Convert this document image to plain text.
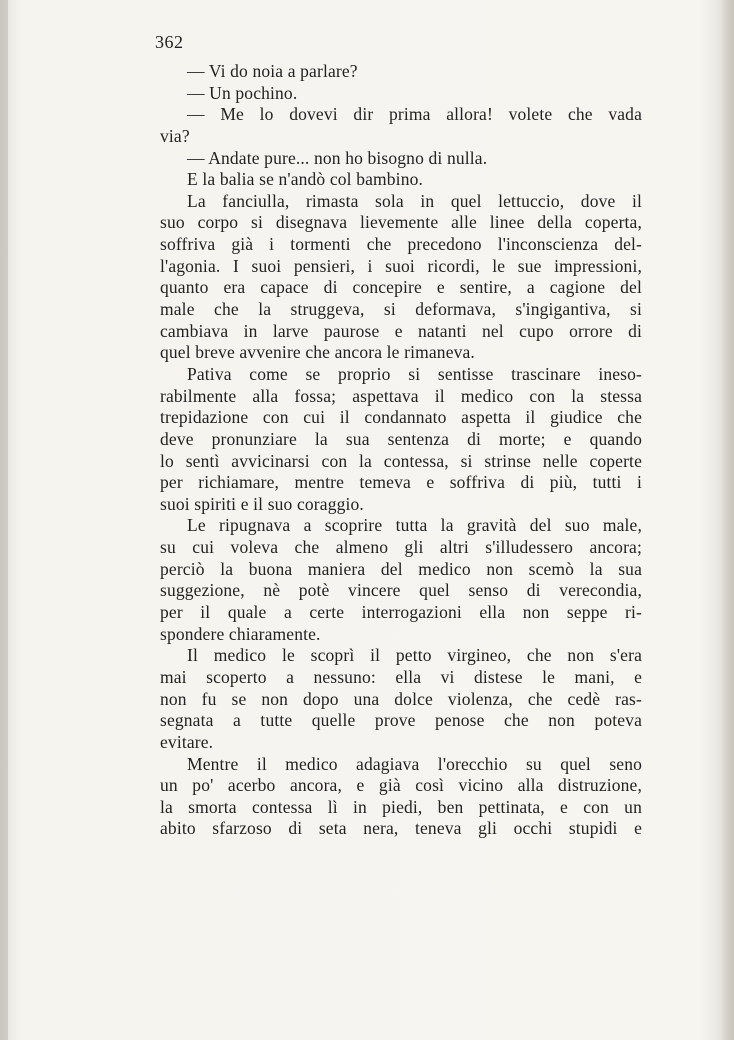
362
— Vi do noia a parlare?
— Un pochino.
— Me lo dovevi dir prima allora! volete che vada
via?
— Andate pure... non ho bisogno di nulla.
E la balia se n'andò col bambino.
La fanciulla, rimasta sola in quel lettuccio, dove il
suo corpo si disegnava lievemente alle linee della coperta,
soffriva già i tormenti che precedono l'inconscienza del-
l'agonia. I suoi pensieri, i suoi ricordi, le sue impressioni,
quanto era capace di concepire e sentire, a cagione del
male che la struggeva, si deformava, s'ingigantiva, si
cambiava in larve paurose e natanti nel cupo orrore di
quel breve avvenire che ancora le rimaneva.
Pativa come se proprio si sentisse trascinare ineso-
rabilmente alla fossa; aspettava il medico con la stessa
trepidazione con cui il condannato aspetta il giudice che
deve pronunziare la sua sentenza di morte; e quando
lo sentì avvicinarsi con la contessa, si strinse nelle coperte
per richiamare, mentre temeva e soffriva di più, tutti i
suoi spiriti e il suo coraggio.
Le ripugnava a scoprire tutta la gravità del suo male,
su cui voleva che almeno gli altri s'illudessero ancora;
perciò la buona maniera del medico non scemò la sua
suggezione, nè potè vincere quel senso di verecondia,
per il quale a certe interrogazioni ella non seppe ri-
spondere chiaramente.
Il medico le scoprì il petto virgineo, che non s'era
mai scoperto a nessuno: ella vi distese le mani, e
non fu se non dopo una dolce violenza, che cedè ras-
segnata a tutte quelle prove penose che non poteva
evitare.
Mentre il medico adagiava l'orecchio su quel seno
un po' acerbo ancora, e già così vicino alla distruzione,
la smorta contessa lì in piedi, ben pettinata, e con un
abito sfarzoso di seta nera, teneva gli occhi stupidi e
